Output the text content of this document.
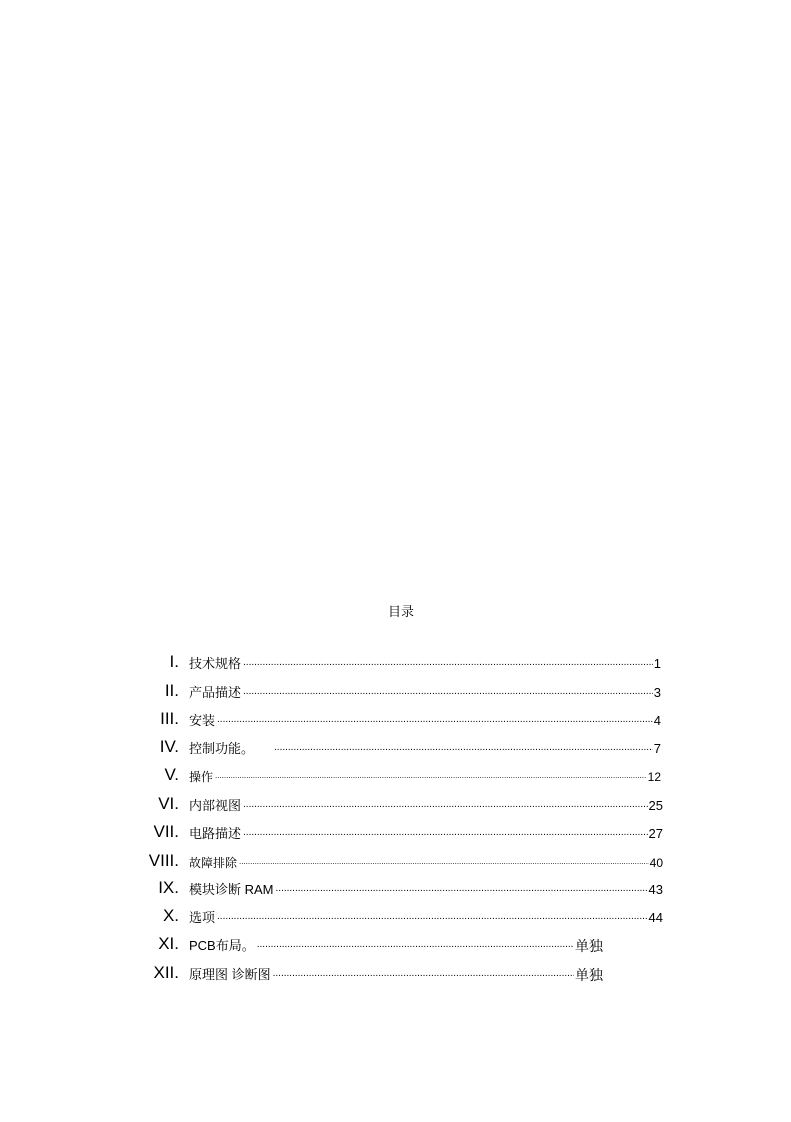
目录
I. 技术规格 .....	1
II. 产品描述 .....	3
III. 安装 .....	4
IV. 控制功能。 .....	7
V. 操作 .....	12
VI. 内部视图 .....	25
VII. 电路描述 .....	27
VIII. 故障排除 .....	40
IX. 模块诊断 RAM .....	43
X. 选项 .....	44
XI. PCB布局。 .....	单独
XII. 原理图 诊断图 .....	单独
